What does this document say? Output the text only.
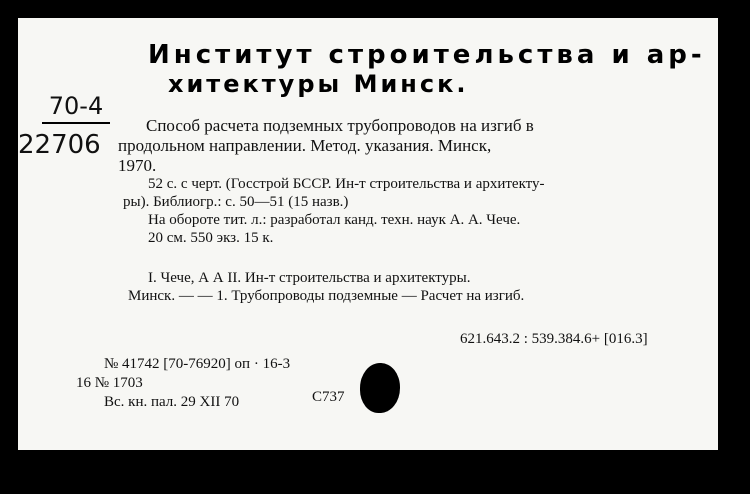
Институт строительства и ар-
хитектуры Минск.
70-4
22706
Способ расчета подземных трубопроводов на изгиб в
продольном направлении. Метод. указания. Минск,
1970.
52 с. с черт. (Госстрой БССР. Ин-т строительства и архитекту-
ры). Библиогр.: с. 50—51 (15 назв.)
На обороте тит. л.: разработал канд. техн. наук А. А. Чече.
20 см. 550 экз. 15 к.
I. Чече, А А II. Ин-т строительства и архитектуры.
Минск. — — 1. Трубопроводы подземные — Расчет на изгиб.
621.643.2 : 539.384.6+ [016.3]
№ 41742 [70-76920] оп · 16-3
16 № 1703
Вс. кн. пал. 29 XII 70	C737
